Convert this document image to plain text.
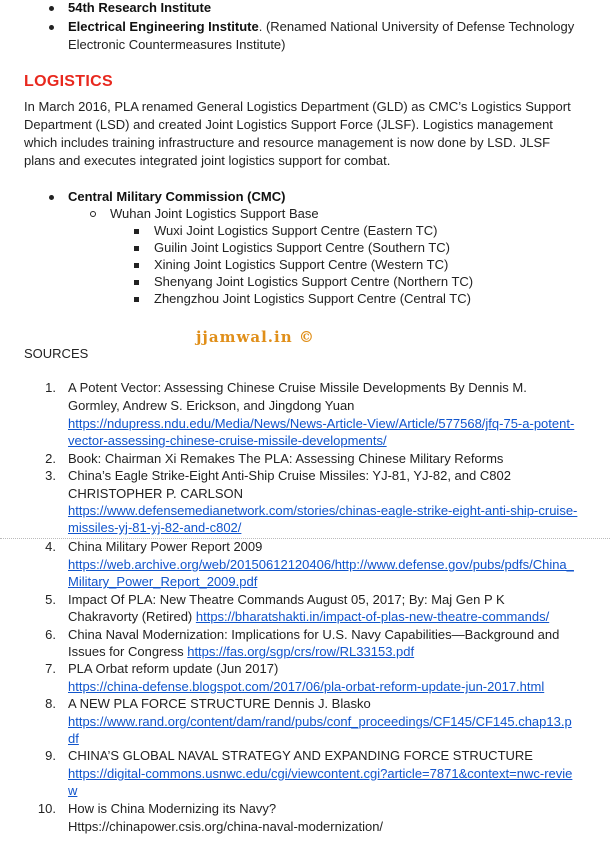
54th Research Institute
Electrical Engineering Institute. (Renamed National University of Defense Technology
Electronic Countermeasures Institute)
LOGISTICS
In March 2016, PLA renamed General Logistics Department (GLD) as CMC’s Logistics Support
Department (LSD) and created Joint Logistics Support Force (JLSF). Logistics management
which includes training infrastructure and resource management is now done by LSD. JLSF
plans and executes integrated joint logistics support for combat.
Central Military Commission (CMC)
Wuhan Joint Logistics Support Base
Wuxi Joint Logistics Support Centre (Eastern TC)
Guilin Joint Logistics Support Centre (Southern TC)
Xining Joint Logistics Support Centre (Western TC)
Shenyang Joint Logistics Support Centre (Northern TC)
Zhengzhou Joint Logistics Support Centre (Central TC)
jjamwal.in ©
SOURCES
1. A Potent Vector: Assessing Chinese Cruise Missile Developments By Dennis M.
Gormley, Andrew S. Erickson, and Jingdong Yuan
https://ndupress.ndu.edu/Media/News/News-Article-View/Article/577568/jfq-75-a-potent-
vector-assessing-chinese-cruise-missile-developments/
2. Book: Chairman Xi Remakes The PLA: Assessing Chinese Military Reforms
3. China’s Eagle Strike-Eight Anti-Ship Cruise Missiles: YJ-81, YJ-82, and C802
CHRISTOPHER P. CARLSON
https://www.defensemedianetwork.com/stories/chinas-eagle-strike-eight-anti-ship-cruise-
missiles-yj-81-yj-82-and-c802/
4. China Military Power Report 2009
https://web.archive.org/web/20150612120406/http://www.defense.gov/pubs/pdfs/China_
Military_Power_Report_2009.pdf
5. Impact Of PLA: New Theatre Commands August 05, 2017; By: Maj Gen P K
Chakravorty (Retired) https://bharatshakti.in/impact-of-plas-new-theatre-commands/
6. China Naval Modernization: Implications for U.S. Navy Capabilities—Background and
Issues for Congress https://fas.org/sgp/crs/row/RL33153.pdf
7. PLA Orbat reform update (Jun 2017)
https://china-defense.blogspot.com/2017/06/pla-orbat-reform-update-jun-2017.html
8. A NEW PLA FORCE STRUCTURE Dennis J. Blasko
https://www.rand.org/content/dam/rand/pubs/conf_proceedings/CF145/CF145.chap13.p
df
9. CHINA’S GLOBAL NAVAL STRATEGY AND EXPANDING FORCE STRUCTURE
https://digital-commons.usnwc.edu/cgi/viewcontent.cgi?article=7871&context=nwc-revie
w
10. How is China Modernizing its Navy?
Https://chinapower.csis.org/china-naval-modernization/
